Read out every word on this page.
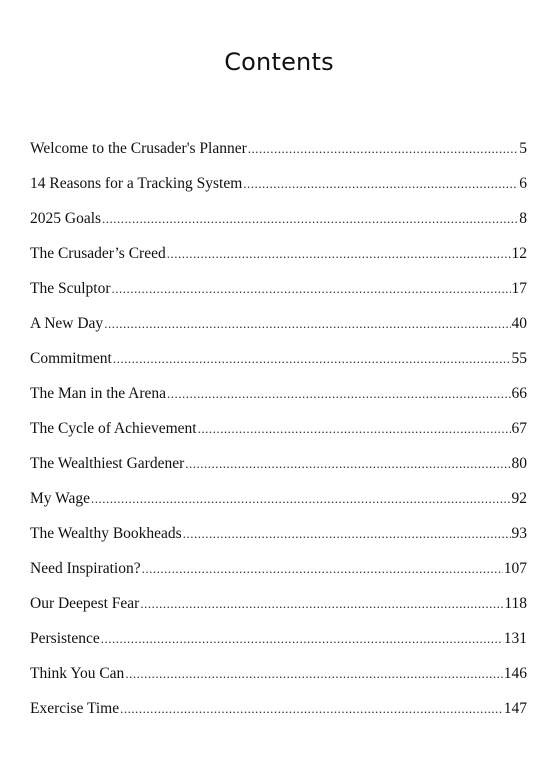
Contents
Welcome to the Crusader's Planner .....	5
14 Reasons for a Tracking System .....	6
2025 Goals .....	8
The Crusader’s Creed .....	12
The Sculptor .....	17
A New Day .....	40
Commitment .....	55
The Man in the Arena .....	66
The Cycle of Achievement .....	67
The Wealthiest Gardener .....	80
My Wage .....	92
The Wealthy Bookheads .....	93
Need Inspiration? .....	107
Our Deepest Fear .....	118
Persistence .....	131
Think You Can .....	146
Exercise Time .....	147
